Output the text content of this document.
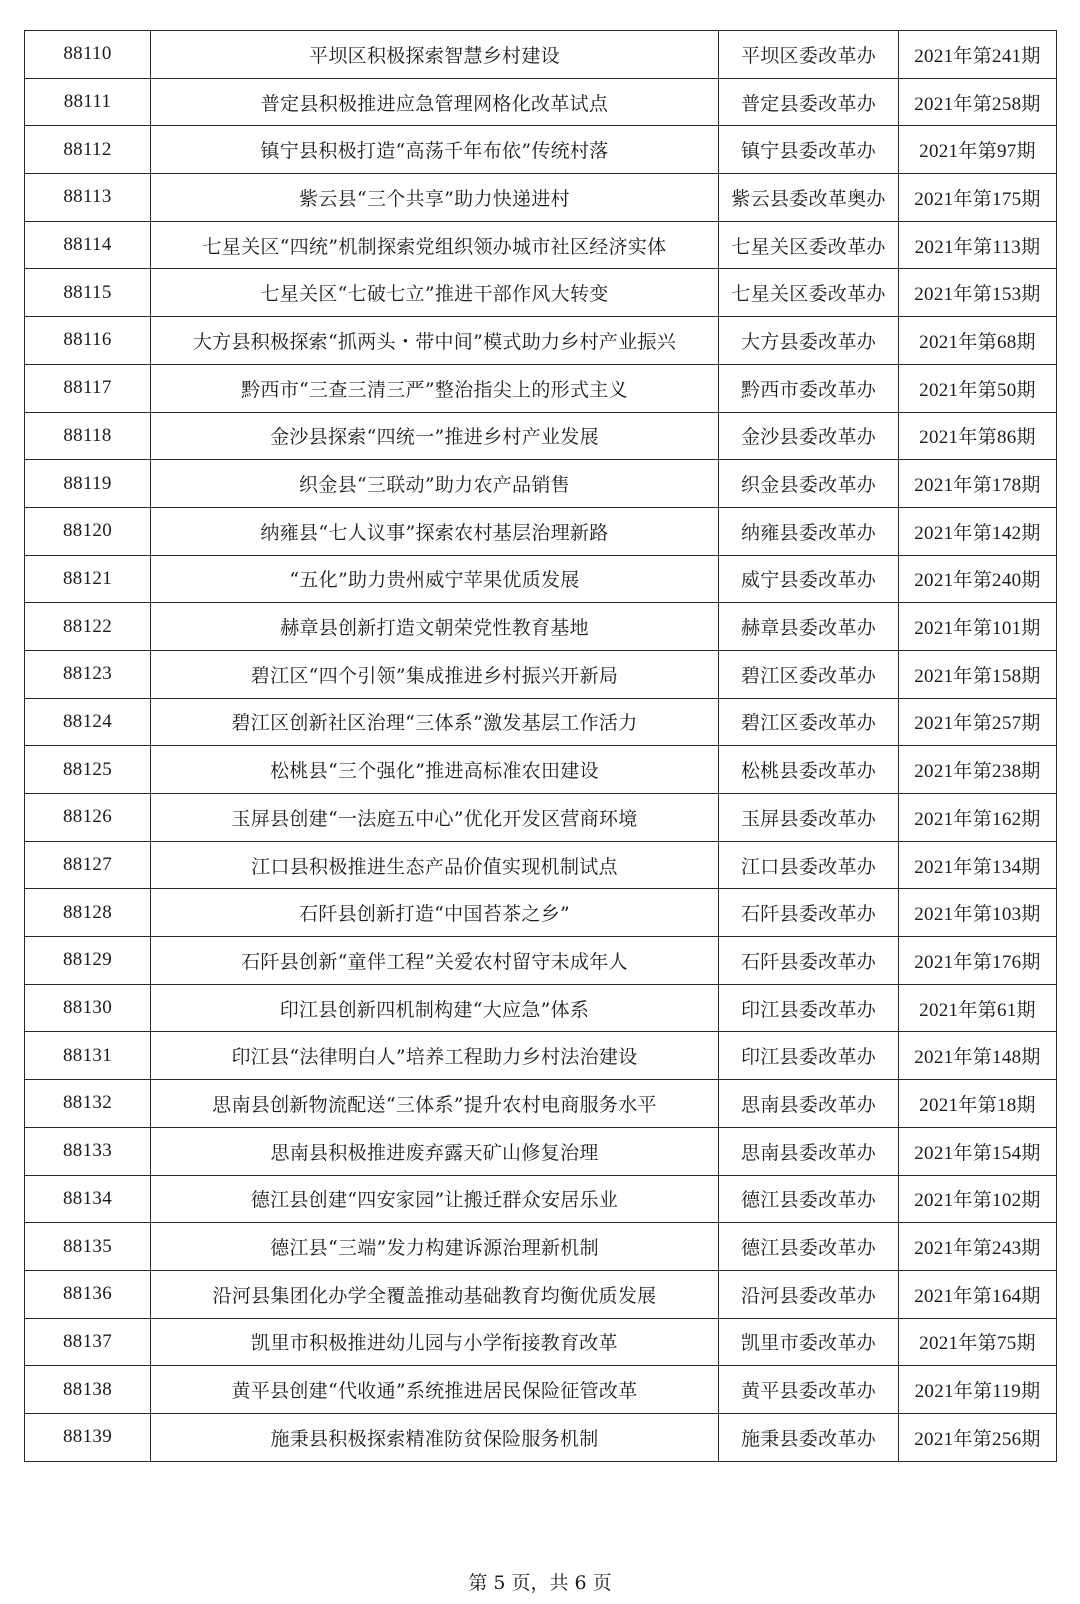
88110	平坝区积极探索智慧乡村建设	平坝区委改革办	2021年第241期
88111	普定县积极推进应急管理网格化改革试点	普定县委改革办	2021年第258期
88112	镇宁县积极打造“高荡千年布依”传统村落	镇宁县委改革办	2021年第97期
88113	紫云县“三个共享”助力快递进村	紫云县委改革奥办	2021年第175期
88114	七星关区“四统”机制探索党组织领办城市社区经济实体	七星关区委改革办	2021年第113期
88115	七星关区“七破七立”推进干部作风大转变	七星关区委改革办	2021年第153期
88116	大方县积极探索“抓两头・带中间”模式助力乡村产业振兴	大方县委改革办	2021年第68期
88117	黔西市“三查三清三严”整治指尖上的形式主义	黔西市委改革办	2021年第50期
88118	金沙县探索“四统一”推进乡村产业发展	金沙县委改革办	2021年第86期
88119	织金县“三联动”助力农产品销售	织金县委改革办	2021年第178期
88120	纳雍县“七人议事”探索农村基层治理新路	纳雍县委改革办	2021年第142期
88121	“五化”助力贵州威宁苹果优质发展	威宁县委改革办	2021年第240期
88122	赫章县创新打造文朝荣党性教育基地	赫章县委改革办	2021年第101期
88123	碧江区“四个引领”集成推进乡村振兴开新局	碧江区委改革办	2021年第158期
88124	碧江区创新社区治理“三体系”激发基层工作活力	碧江区委改革办	2021年第257期
88125	松桃县“三个强化”推进高标准农田建设	松桃县委改革办	2021年第238期
88126	玉屏县创建“一法庭五中心”优化开发区营商环境	玉屏县委改革办	2021年第162期
88127	江口县积极推进生态产品价值实现机制试点	江口县委改革办	2021年第134期
88128	石阡县创新打造“中国苔茶之乡”	石阡县委改革办	2021年第103期
88129	石阡县创新“童伴工程”关爱农村留守未成年人	石阡县委改革办	2021年第176期
88130	印江县创新四机制构建“大应急”体系	印江县委改革办	2021年第61期
88131	印江县“法律明白人”培养工程助力乡村法治建设	印江县委改革办	2021年第148期
88132	思南县创新物流配送“三体系”提升农村电商服务水平	思南县委改革办	2021年第18期
88133	思南县积极推进废弃露天矿山修复治理	思南县委改革办	2021年第154期
88134	德江县创建“四安家园”让搬迁群众安居乐业	德江县委改革办	2021年第102期
88135	德江县“三端”发力构建诉源治理新机制	德江县委改革办	2021年第243期
88136	沿河县集团化办学全覆盖推动基础教育均衡优质发展	沿河县委改革办	2021年第164期
88137	凯里市积极推进幼儿园与小学衔接教育改革	凯里市委改革办	2021年第75期
88138	黄平县创建“代收通”系统推进居民保险征管改革	黄平县委改革办	2021年第119期
88139	施秉县积极探索精准防贫保险服务机制	施秉县委改革办	2021年第256期
第 5 页，共 6 页
